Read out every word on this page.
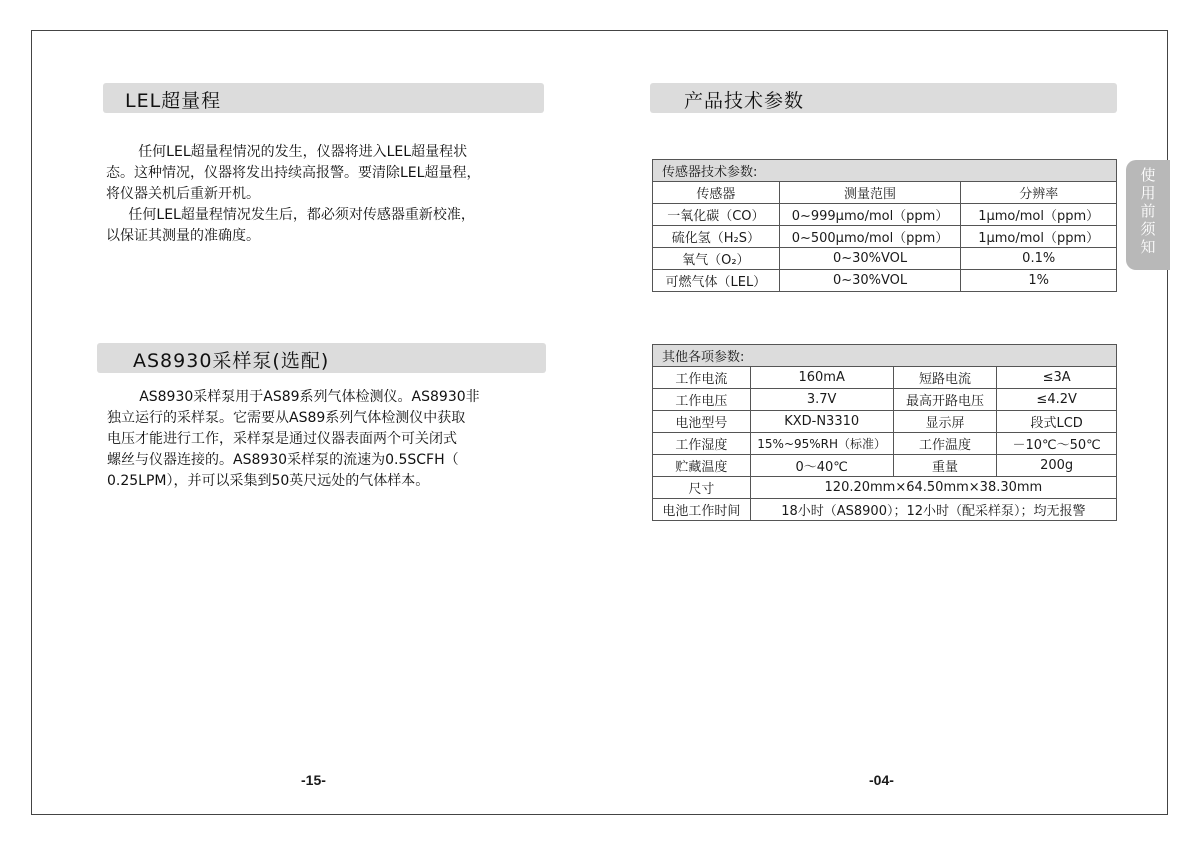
LEL超量程

任何LEL超量程情况的发生，仪器将进入LEL超量程状

态。这种情况，仪器将发出持续高报警。要清除LEL超量程，

将仪器关机后重新开机。

任何LEL超量程情况发生后，都必须对传感器重新校准，

以保证其测量的准确度。

AS8930采样泵(选配)

AS8930采样泵用于AS89系列气体检测仪。AS8930非

独立运行的采样泵。它需要从AS89系列气体检测仪中获取

电压才能进行工作，采样泵是通过仪器表面两个可关闭式

螺丝与仪器连接的。AS8930采样泵的流速为0.5SCFH（

0.25LPM），并可以采集到50英尺远处的气体样本。

-15-
产品技术参数
使
用
前
须
知
传感器技术参数:		
传感器	测量范围	分辨率
一氧化碳（CO）	0~999μmo/mol（ppm）	1μmo/mol（ppm）
硫化氢（H₂S）	0~500μmo/mol（ppm）	1μmo/mol（ppm）
氧气（O₂）	0~30%VOL	0.1%
可燃气体（LEL）	0~30%VOL	1%
其他各项参数:			
工作电流	160mA	短路电流	≤3A
工作电压	3.7V	最高开路电压	≤4.2V
电池型号	KXD-N3310	显示屏	段式LCD
工作湿度	15%~95%RH（标准）	工作温度	－10℃～50℃
贮藏温度	0～40℃	重量	200g
尺寸	120.20mm×64.50mm×38.30mm		
电池工作时间	18小时（AS8900）；12小时（配采样泵）；均无报警		
-04-
